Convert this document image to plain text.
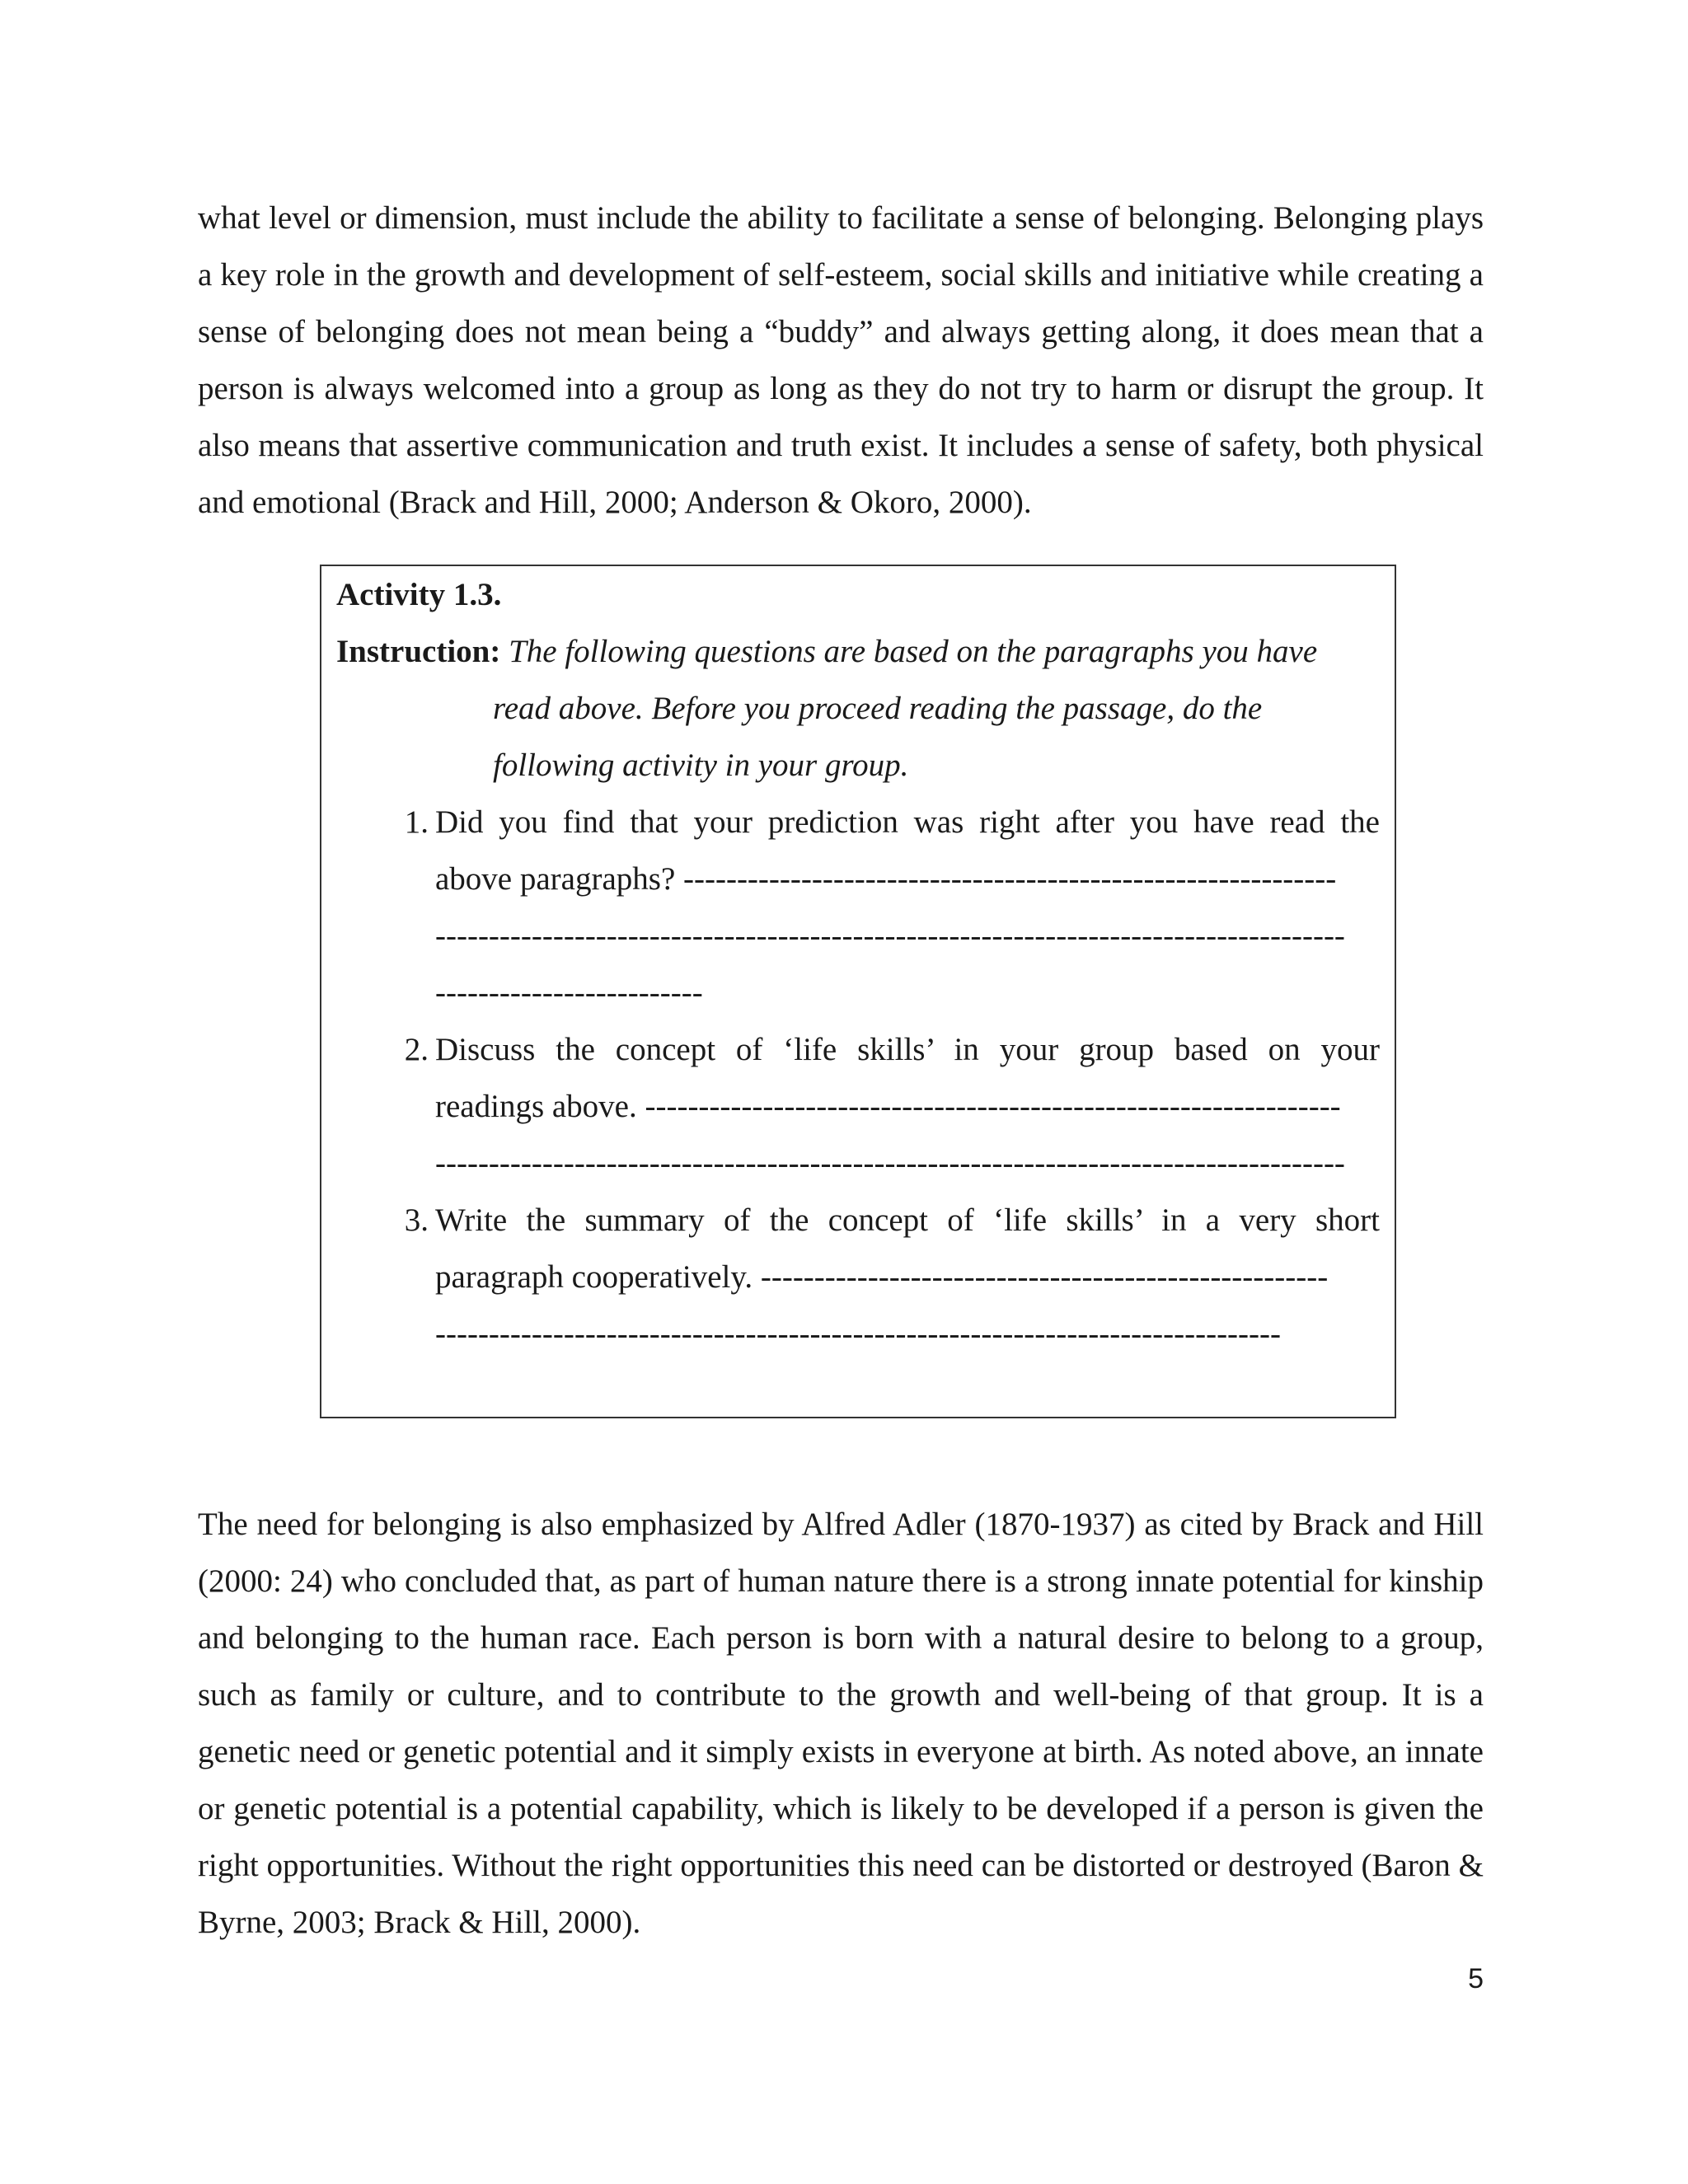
what level or dimension, must include the ability to facilitate a sense of belonging. Belonging plays a key role in the growth and development of self-esteem, social skills and initiative while creating a sense of belonging does not mean being a “buddy” and always getting along, it does mean that a person is always welcomed into a group as long as they do not try to harm or disrupt the group. It also means that assertive communication and truth exist. It includes a sense of safety, both physical and emotional (Brack and Hill, 2000; Anderson & Okoro, 2000).

Activity 1.3.

Instruction: The following questions are based on the paragraphs you have

read above. Before you proceed reading the passage, do the
following activity in your group.

1. Did you find that your prediction was right after you have read the
above paragraphs? -------------------------------------------------------------
-------------------------------------------------------------------------------------
-------------------------
2. Discuss the concept of ‘life skills’ in your group based on your
readings above. -----------------------------------------------------------------
-------------------------------------------------------------------------------------
3. Write the summary of the concept of ‘life skills’ in a very short
paragraph cooperatively. -----------------------------------------------------
-------------------------------------------------------------------------------

The need for belonging is also emphasized by Alfred Adler (1870-1937) as cited by Brack and Hill (2000: 24) who concluded that, as part of human nature there is a strong innate potential for kinship and belonging to the human race. Each person is born with a natural desire to belong to a group, such as family or culture, and to contribute to the growth and well-being of that group. It is a genetic need or genetic potential and it simply exists in everyone at birth. As noted above, an innate or genetic potential is a potential capability, which is likely to be developed if a person is given the right opportunities. Without the right opportunities this need can be distorted or destroyed (Baron & Byrne, 2003; Brack & Hill, 2000).

5
